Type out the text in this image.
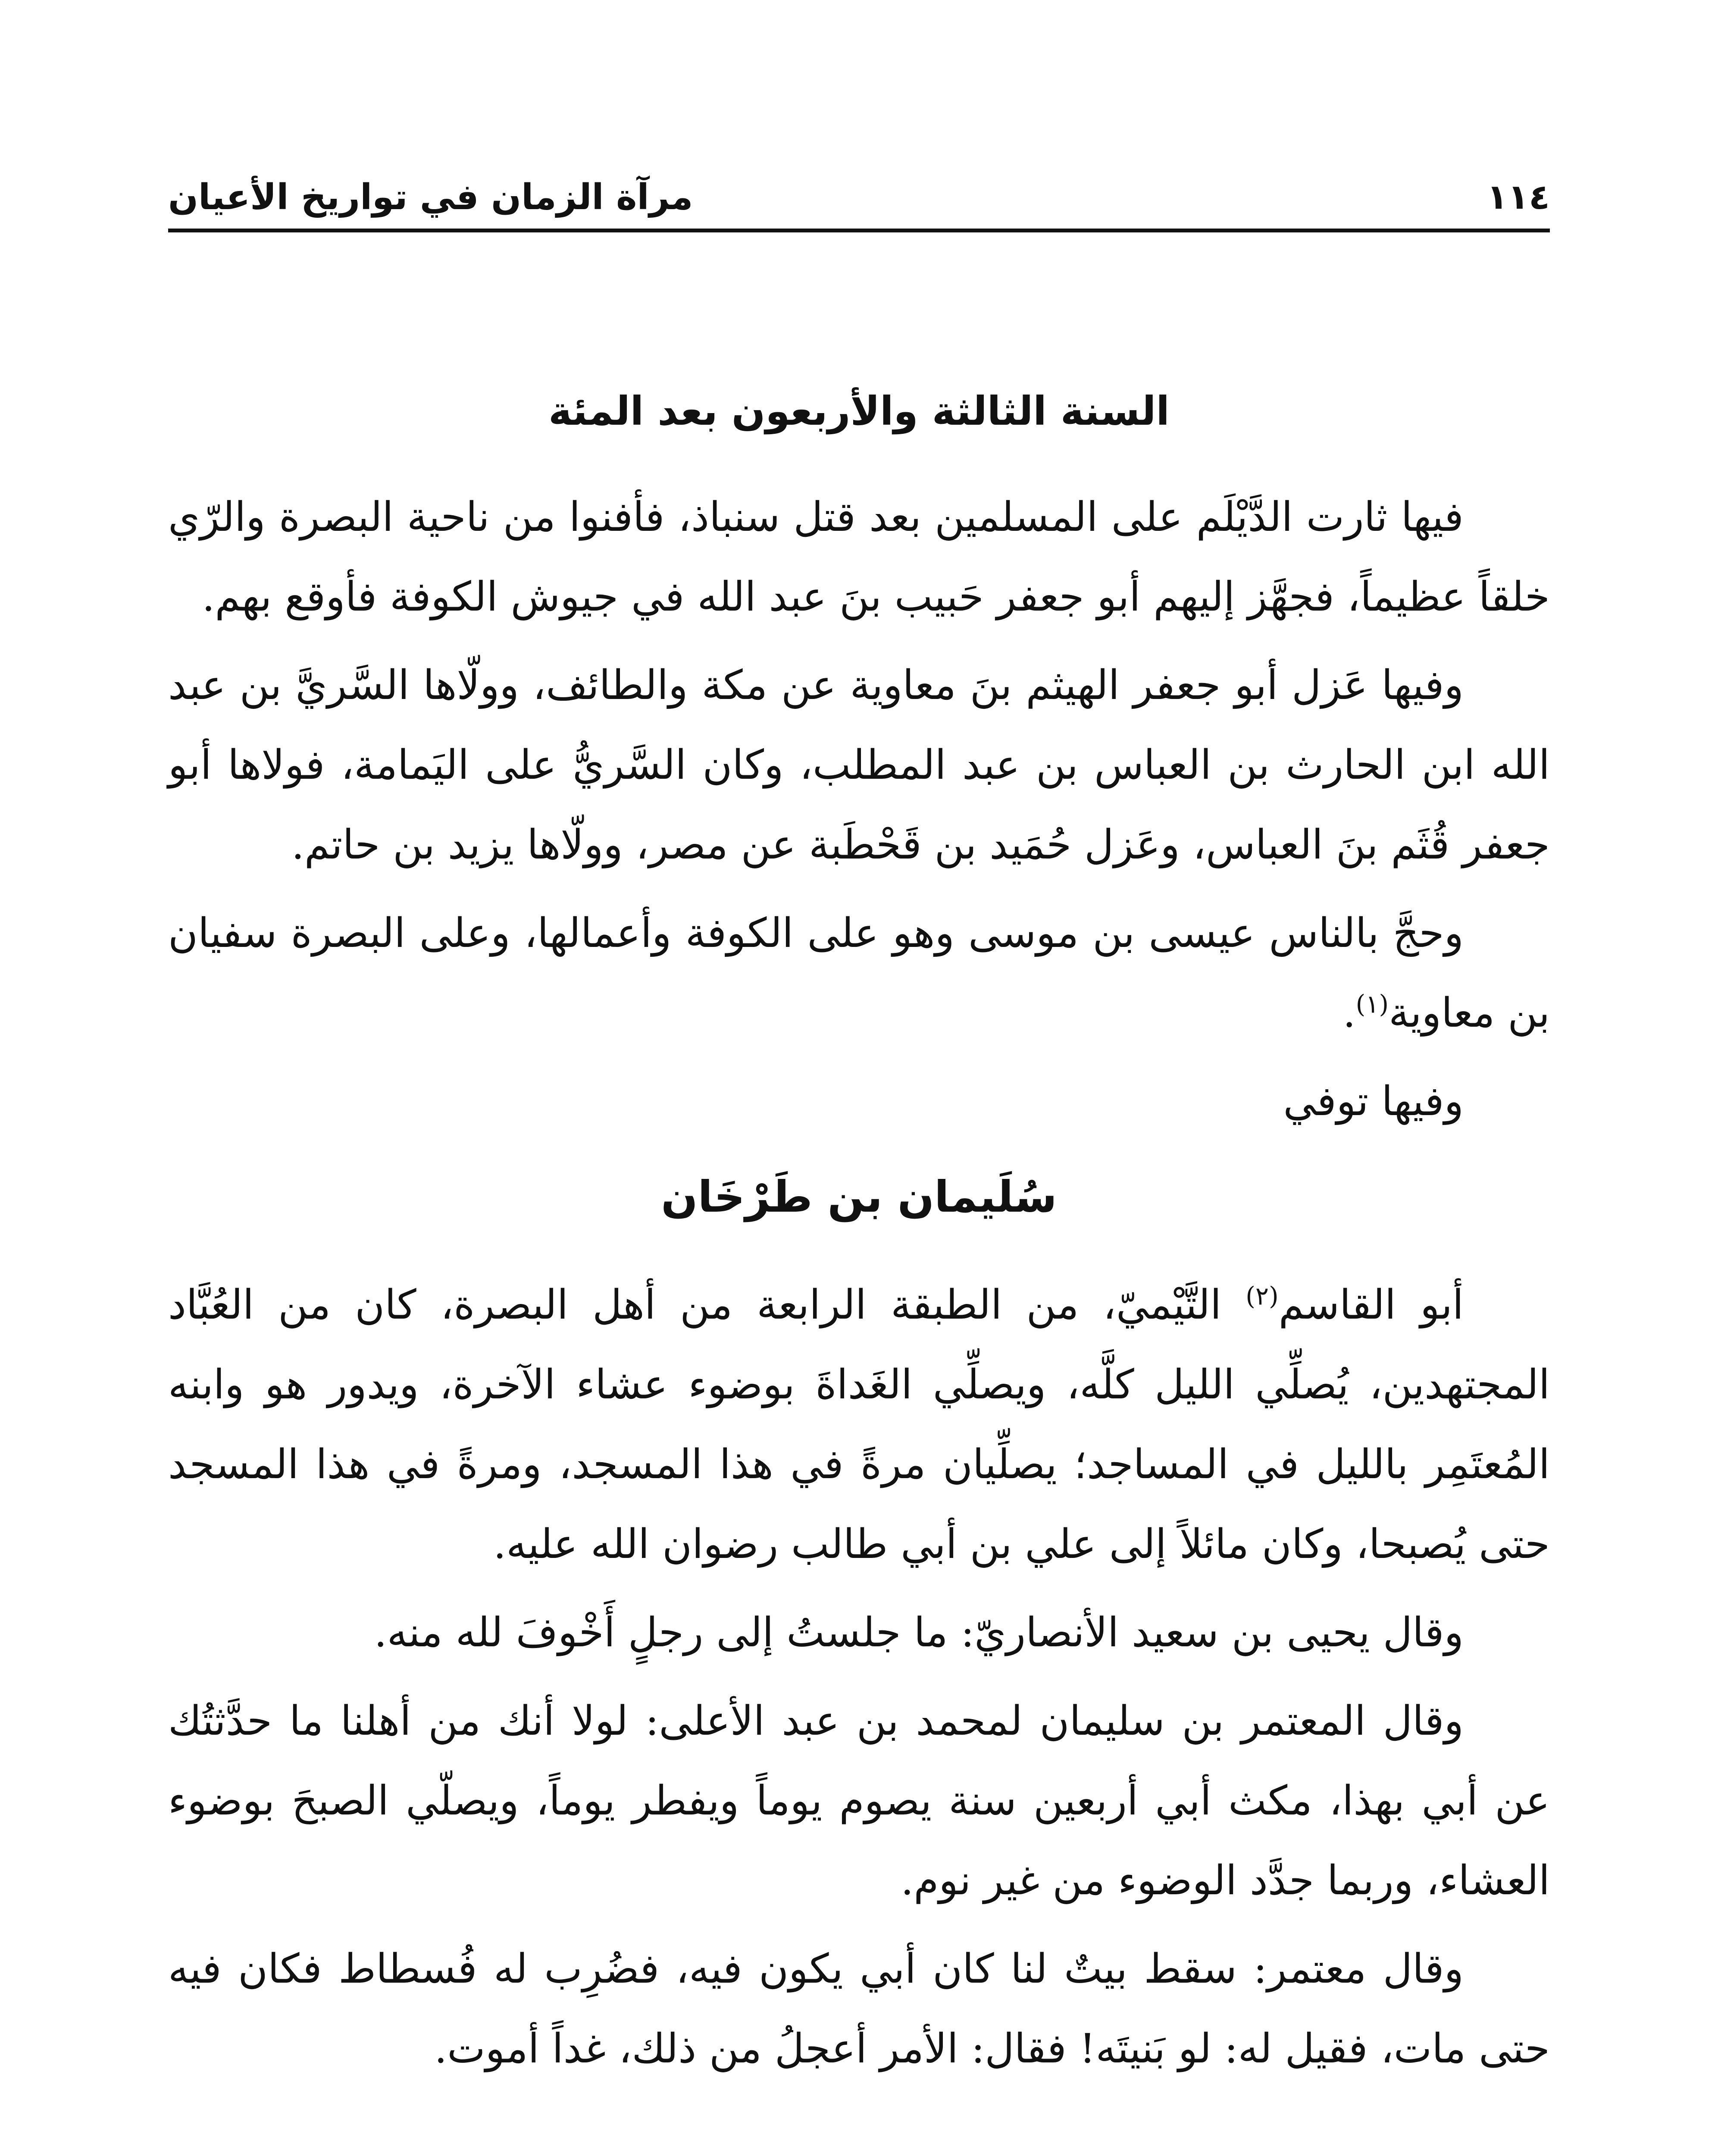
١١٤
مرآة الزمان في تواريخ الأعيان
السنة الثالثة والأربعون بعد المئة

فيها ثارت الدَّيْلَم على المسلمين بعد قتل سنباذ، فأفنوا من ناحية البصرة والرّي خلقاً عظيماً، فجهَّز إليهم أبو جعفر حَبيب بنَ عبد الله في جيوش الكوفة فأوقع بهم.

وفيها عَزل أبو جعفر الهيثم بنَ معاوية عن مكة والطائف، وولّاها السَّريَّ بن عبد الله ابن الحارث بن العباس بن عبد المطلب، وكان السَّريُّ على اليَمامة، فولاها أبو جعفر قُثَم بنَ العباس، وعَزل حُمَيد بن قَحْطَبة عن مصر، وولّاها يزيد بن حاتم.

وحجَّ بالناس عيسى بن موسى وهو على الكوفة وأعمالها، وعلى البصرة سفيان بن معاوية$^{(١)}$.

وفيها توفي

سُلَيمان بن طَرْخَان

أبو القاسم$^{(٢)}$ التَّيْميّ، من الطبقة الرابعة من أهل البصرة، كان من العُبَّاد المجتهدين، يُصلِّي الليل كلَّه، ويصلِّي الغَداةَ بوضوء عشاء الآخرة، ويدور هو وابنه المُعتَمِر بالليل في المساجد؛ يصلِّيان مرةً في هذا المسجد، ومرةً في هذا المسجد حتى يُصبحا، وكان مائلاً إلى علي بن أبي طالب رضوان الله عليه.

وقال يحيى بن سعيد الأنصاريّ: ما جلستُ إلى رجلٍ أَخْوفَ لله منه.

وقال المعتمر بن سليمان لمحمد بن عبد الأعلى: لولا أنك من أهلنا ما حدَّثتُك عن أبي بهذا، مكث أبي أربعين سنة يصوم يوماً ويفطر يوماً، ويصلّي الصبحَ بوضوء العشاء، وربما جدَّد الوضوء من غير نوم.

وقال معتمر: سقط بيتٌ لنا كان أبي يكون فيه، فضُرِب له فُسطاط فكان فيه حتى مات، فقيل له: لو بَنيتَه! فقال: الأمر أعجلُ من ذلك، غداً أموت.
